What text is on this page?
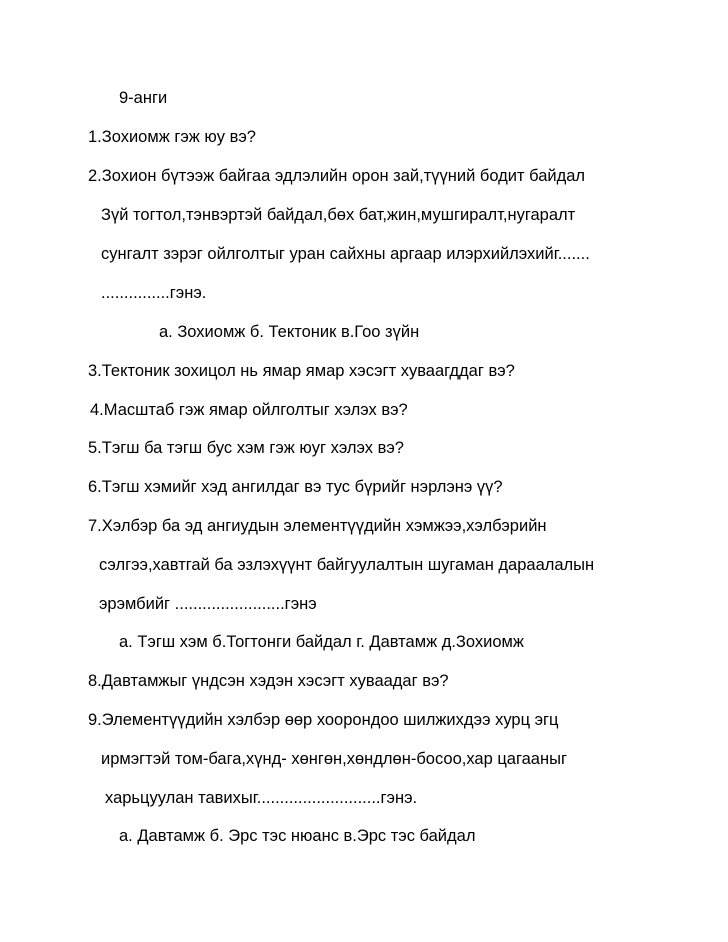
9-анги
1.Зохиомж гэж юу вэ?
2.Зохион бүтээж байгаа эдлэлийн орон зай,түүний бодит байдал
Зүй тогтол,тэнвэртэй байдал,бөх бат,жин,мушгиралт,нугаралт
сунгалт зэрэг ойлголтыг уран сайхны аргаар илэрхийлэхийг.......
...............гэнэ.
а. Зохиомж б. Тектоник в.Гоо зүйн
3.Тектоник зохицол нь ямар ямар хэсэгт хуваагддаг вэ?
4.Масштаб гэж ямар ойлголтыг хэлэх вэ?
5.Тэгш ба тэгш бус хэм гэж юуг хэлэх вэ?
6.Тэгш хэмийг хэд ангилдаг вэ тус бүрийг нэрлэнэ үү?
7.Хэлбэр ба эд ангиудын элементүүдийн хэмжээ,хэлбэрийн
сэлгээ,хавтгай ба эзлэхүүнт байгуулалтын шугаман дараалалын
эрэмбийг ........................гэнэ
а. Тэгш хэм б.Тогтонги байдал г. Давтамж д.Зохиомж
8.Давтамжыг үндсэн хэдэн хэсэгт хуваадаг вэ?
9.Элементүүдийн хэлбэр өөр хоорондоо шилжихдээ хурц эгц
ирмэгтэй том-бага,хүнд- хөнгөн,хөндлөн-босоо,хар цагааныг
харьцуулан тавихыг...........................гэнэ.
а. Давтамж б. Эрс тэс нюанс в.Эрс тэс байдал
